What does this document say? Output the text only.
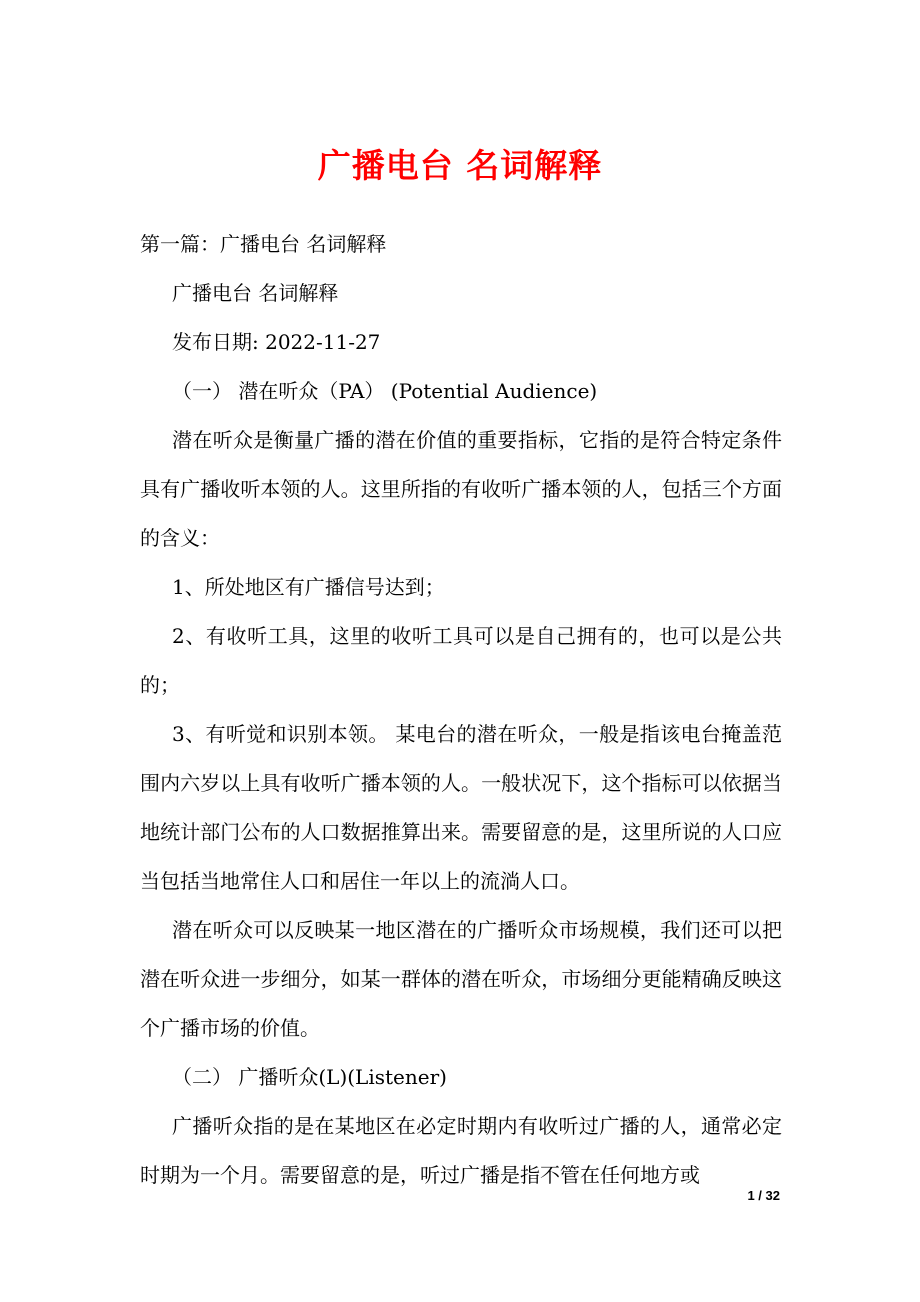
广播电台 名词解释

第一篇：广播电台 名词解释

广播电台 名词解释

发布日期: 2022-11-27

（一） 潜在听众（PA） (Potential Audience)

潜在听众是衡量广播的潜在价值的重要指标，它指的是符合特定条件具有广播收听本领的人。这里所指的有收听广播本领的人，包括三个方面的含义：

1、所处地区有广播信号达到；

2、有收听工具，这里的收听工具可以是自己拥有的，也可以是公共的；

3、有听觉和识别本领。 某电台的潜在听众，一般是指该电台掩盖范围内六岁以上具有收听广播本领的人。一般状况下，这个指标可以依据当地统计部门公布的人口数据推算出来。需要留意的是，这里所说的人口应当包括当地常住人口和居住一年以上的流淌人口。

潜在听众可以反映某一地区潜在的广播听众市场规模，我们还可以把潜在听众进一步细分，如某一群体的潜在听众，市场细分更能精确反映这个广播市场的价值。

（二） 广播听众(L)(Listener)

广播听众指的是在某地区在必定时期内有收听过广播的人，通常必定时期为一个月。需要留意的是，听过广播是指不管在任何地方或

1 / 32
